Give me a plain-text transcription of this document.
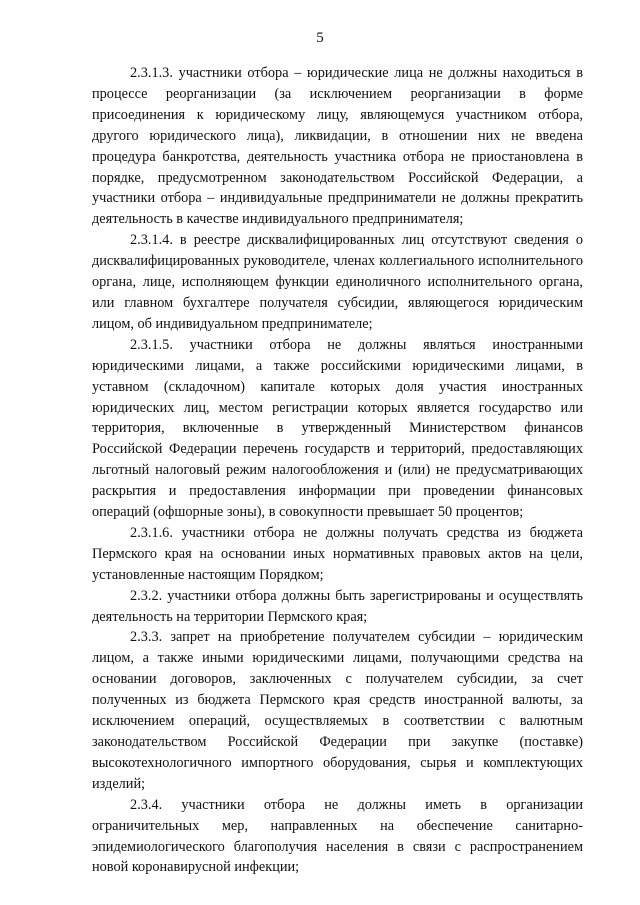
5

2.3.1.3. участники отбора – юридические лица не должны находиться в процессе реорганизации (за исключением реорганизации в форме присоединения к юридическому лицу, являющемуся участником отбора, другого юридического лица), ликвидации, в отношении них не введена процедура банкротства, деятельность участника отбора не приостановлена в порядке, предусмотренном законодательством Российской Федерации, а участники отбора – индивидуальные предприниматели не должны прекратить деятельность в качестве индивидуального предпринимателя;

2.3.1.4. в реестре дисквалифицированных лиц отсутствуют сведения о дисквалифицированных руководителе, членах коллегиального исполнительного органа, лице, исполняющем функции единоличного исполнительного органа, или главном бухгалтере получателя субсидии, являющегося юридическим лицом, об индивидуальном предпринимателе;

2.3.1.5. участники отбора не должны являться иностранными юридическими лицами, а также российскими юридическими лицами, в уставном (складочном) капитале которых доля участия иностранных юридических лиц, местом регистрации которых является государство или территория, включенные в утвержденный Министерством финансов Российской Федерации перечень государств и территорий, предоставляющих льготный налоговый режим налогообложения и (или) не предусматривающих раскрытия и предоставления информации при проведении финансовых операций (офшорные зоны), в совокупности превышает 50 процентов;

2.3.1.6. участники отбора не должны получать средства из бюджета Пермского края на основании иных нормативных правовых актов на цели, установленные настоящим Порядком;

2.3.2. участники отбора должны быть зарегистрированы и осуществлять деятельность на территории Пермского края;

2.3.3. запрет на приобретение получателем субсидии – юридическим лицом, а также иными юридическими лицами, получающими средства на основании договоров, заключенных с получателем субсидии, за счет полученных из бюджета Пермского края средств иностранной валюты, за исключением операций, осуществляемых в соответствии с валютным законодательством Российской Федерации при закупке (поставке) высокотехнологичного импортного оборудования, сырья и комплектующих изделий;

2.3.4. участники отбора не должны иметь в организации ограничительных мер, направленных на обеспечение санитарно-эпидемиологического благополучия населения в связи с распространением новой коронавирусной инфекции;
